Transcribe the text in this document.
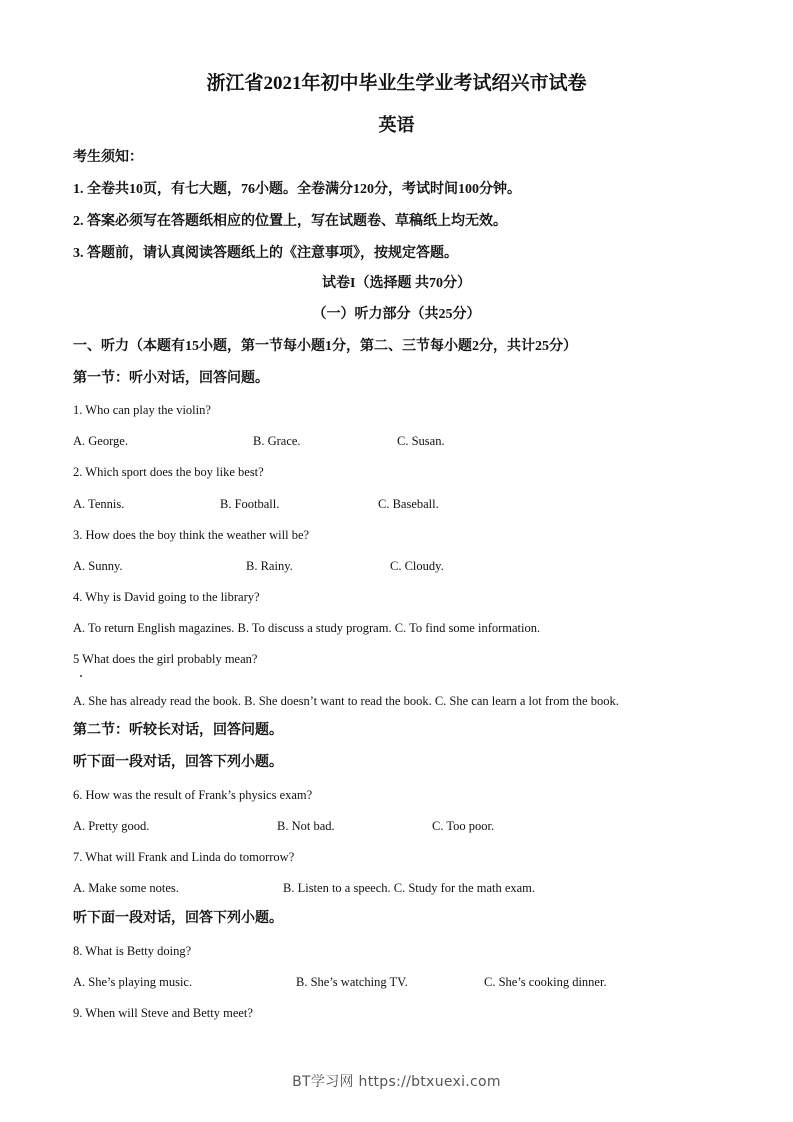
浙江省2021年初中毕业生学业考试绍兴市试卷
英语
考生须知：
1. 全卷共10页，有七大题，76小题。全卷满分120分，考试时间100分钟。
2. 答案必须写在答题纸相应的位置上，写在试题卷、草稿纸上均无效。
3. 答题前，请认真阅读答题纸上的《注意事项》，按规定答题。
试卷I（选择题 共70分）
（一）听力部分（共25分）
一、听力（本题有15小题，第一节每小题1分，第二、三节每小题2分，共计25分）
第一节：听小对话，回答问题。
1. Who can play the violin?
A. George.	B. Grace.	C. Susan.
2. Which sport does the boy like best?
A. Tennis.	B. Football.	C. Baseball.
3. How does the boy think the weather will be?
A. Sunny.	B. Rainy.	C. Cloudy.
4. Why is David going to the library?
A. To return English magazines. B. To discuss a study program. C. To find some information.
5 What does the girl probably mean?
A. She has already read the book. B. She doesn’t want to read the book. C. She can learn a lot from the book.
第二节：听较长对话，回答问题。
听下面一段对话，回答下列小题。
6. How was the result of Frank’s physics exam?
A. Pretty good.	B. Not bad.	C. Too poor.
7. What will Frank and Linda do tomorrow?
A. Make some notes.	B. Listen to a speech. C. Study for the math exam.
听下面一段对话，回答下列小题。
8. What is Betty doing?
A. She’s playing music.	B. She’s watching TV.	C. She’s cooking dinner.
9. When will Steve and Betty meet?
BT学习网 https://btxuexi.com
